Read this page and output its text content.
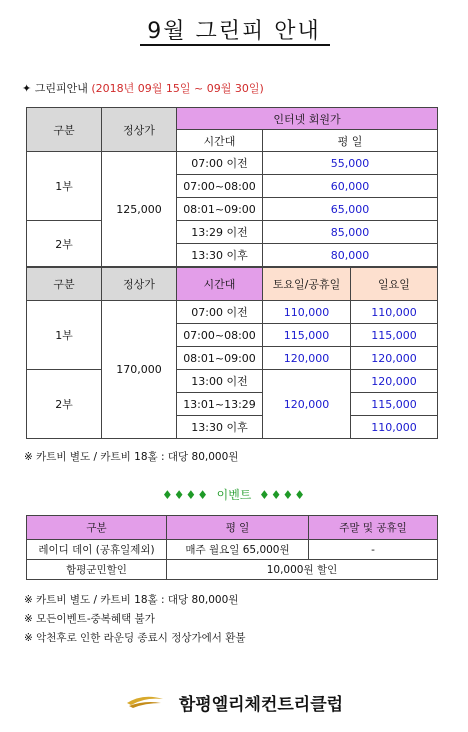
9월 그린피 안내
✦ 그린피안내 (2018년 09월 15일 ~ 09월 30일)
구분	정상가	인터넷 회원가	
		시간대	평 일
1부	125,000	07:00 이전	55,000
		07:00~08:00	60,000
		08:01~09:00	65,000
2부		13:29 이전	85,000
		13:30 이후	80,000
구분	정상가	시간대	토요일/공휴일	일요일
1부	170,000	07:00 이전	110,000	110,000
		07:00~08:00	115,000	115,000
		08:01~09:00	120,000	120,000
2부		13:00 이전	120,000	120,000
		13:01~13:29		115,000
		13:30 이후		110,000
※ 카트비 별도 / 카트비 18홀 : 대당 80,000원
♦♦♦♦ 이벤트 ♦♦♦♦
구분	평 일	주말 및 공휴일
레이디 데이 (공휴일제외)	매주 월요일 65,000원	-
함평군민할인	10,000원 할인	
※ 카트비 별도 / 카트비 18홀 : 대당 80,000원
※ 모든이벤트-중복혜택 불가
※ 악천후로 인한 라운딩 종료시 정상가에서 환불
함평엘리체컨트리클럽
